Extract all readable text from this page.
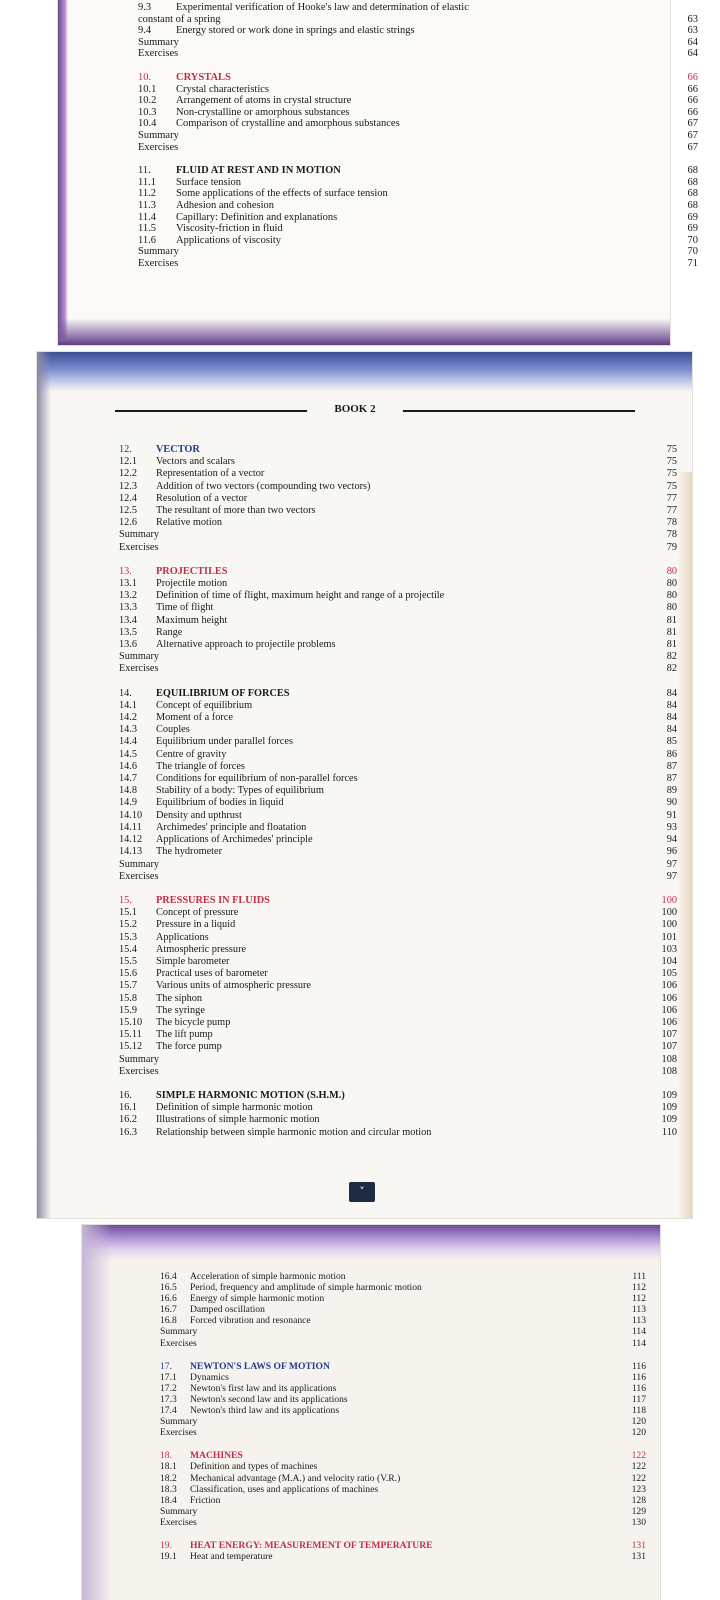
9.3	Experimental verification of Hooke's law and determination of elastic
constant of a spring	63
9.4	Energy stored or work done in springs and elastic strings	63
Summary	64
Exercises	64
10.	CRYSTALS	66
10.1	Crystal characteristics	66
10.2	Arrangement of atoms in crystal structure	66
10.3	Non-crystalline or amorphous substances	66
10.4	Comparison of crystalline and amorphous substances	67
Summary	67
Exercises	67
11.	FLUID AT REST AND IN MOTION	68
11.1	Surface tension	68
11.2	Some applications of the effects of surface tension	68
11.3	Adhesion and cohesion	68
11.4	Capillary: Definition and explanations	69
11.5	Viscosity-friction in fluid	69
11.6	Applications of viscosity	70
Summary	70
Exercises	71
BOOK 2
12.	VECTOR	75
12.1	Vectors and scalars	75
12.2	Representation of a vector	75
12.3	Addition of two vectors (compounding two vectors)	75
12.4	Resolution of a vector	77
12.5	The resultant of more than two vectors	77
12.6	Relative motion	78
Summary	78
Exercises	79
13.	PROJECTILES	80
13.1	Projectile motion	80
13.2	Definition of time of flight, maximum height and range of a projectile	80
13.3	Time of flight	80
13.4	Maximum height	81
13.5	Range	81
13.6	Alternative approach to projectile problems	81
Summary	82
Exercises	82
14.	EQUILIBRIUM OF FORCES	84
14.1	Concept of equilibrium	84
14.2	Moment of a force	84
14.3	Couples	84
14.4	Equilibrium under parallel forces	85
14.5	Centre of gravity	86
14.6	The triangle of forces	87
14.7	Conditions for equilibrium of non-parallel forces	87
14.8	Stability of a body: Types of equilibrium	89
14.9	Equilibrium of bodies in liquid	90
14.10	Density and upthrust	91
14.11	Archimedes' principle and floatation	93
14.12	Applications of Archimedes' principle	94
14.13	The hydrometer	96
Summary	97
Exercises	97
15.	PRESSURES IN FLUIDS	100
15.1	Concept of pressure	100
15.2	Pressure in a liquid	100
15.3	Applications	101
15.4	Atmospheric pressure	103
15.5	Simple barometer	104
15.6	Practical uses of barometer	105
15.7	Various units of atmospheric pressure	106
15.8	The siphon	106
15.9	The syringe	106
15.10	The bicycle pump	106
15.11	The lift pump	107
15.12	The force pump	107
Summary	108
Exercises	108
16.	SIMPLE HARMONIC MOTION (S.H.M.)	109
16.1	Definition of simple harmonic motion	109
16.2	Illustrations of simple harmonic motion	109
16.3	Relationship between simple harmonic motion and circular motion	110
˅
16.4	Acceleration of simple harmonic motion	111
16.5	Period, frequency and amplitude of simple harmonic motion	112
16.6	Energy of simple harmonic motion	112
16.7	Damped oscillation	113
16.8	Forced vibration and resonance	113
Summary	114
Exercises	114
17.	NEWTON'S LAWS OF MOTION	116
17.1	Dynamics	116
17.2	Newton's first law and its applications	116
17.3	Newton's second law and its applications	117
17.4	Newton's third law and its applications	118
Summary	120
Exercises	120
18.	MACHINES	122
18.1	Definition and types of machines	122
18.2	Mechanical advantage (M.A.) and velocity ratio (V.R.)	122
18.3	Classification, uses and applications of machines	123
18.4	Friction	128
Summary	129
Exercises	130
19.	HEAT ENERGY: MEASUREMENT OF TEMPERATURE	131
19.1	Heat and temperature	131
